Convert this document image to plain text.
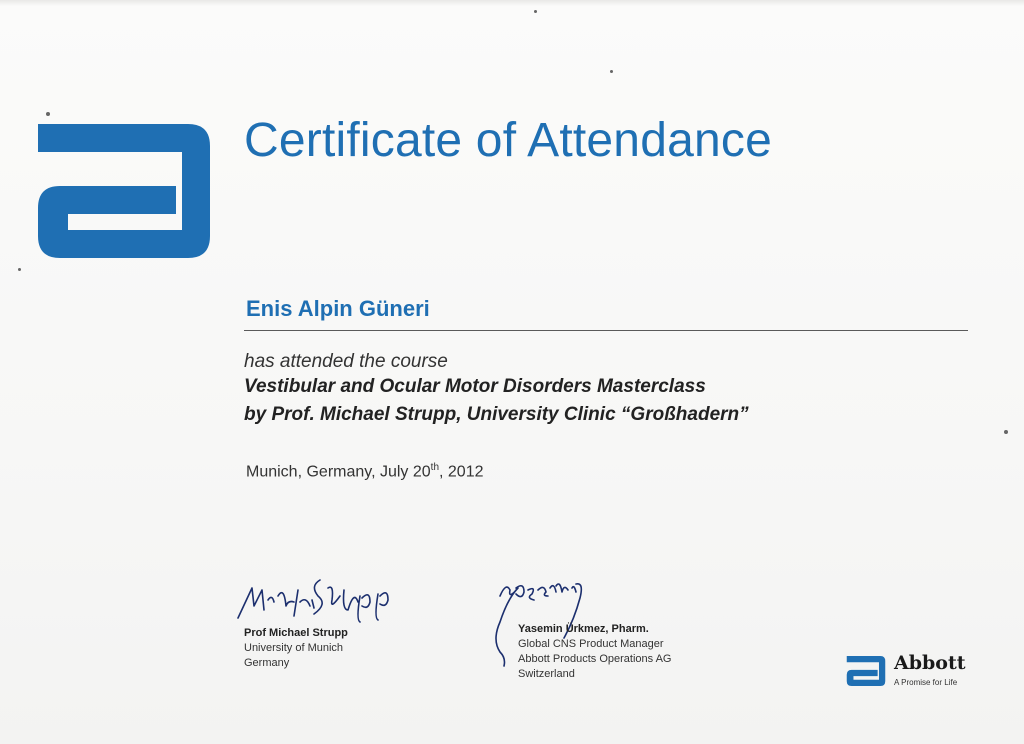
Certificate of Attendance
Enis Alpin Güneri
has attended the course
Vestibular and Ocular Motor Disorders Masterclass
by Prof. Michael Strupp, University Clinic “Großhadern”
Munich, Germany, July 20th, 2012
Prof Michael Strupp
University of Munich
Germany
Yasemin Ürkmez, Pharm.
Global CNS Product Manager
Abbott Products Operations AG
Switzerland	Abbott
A Promise for Life
